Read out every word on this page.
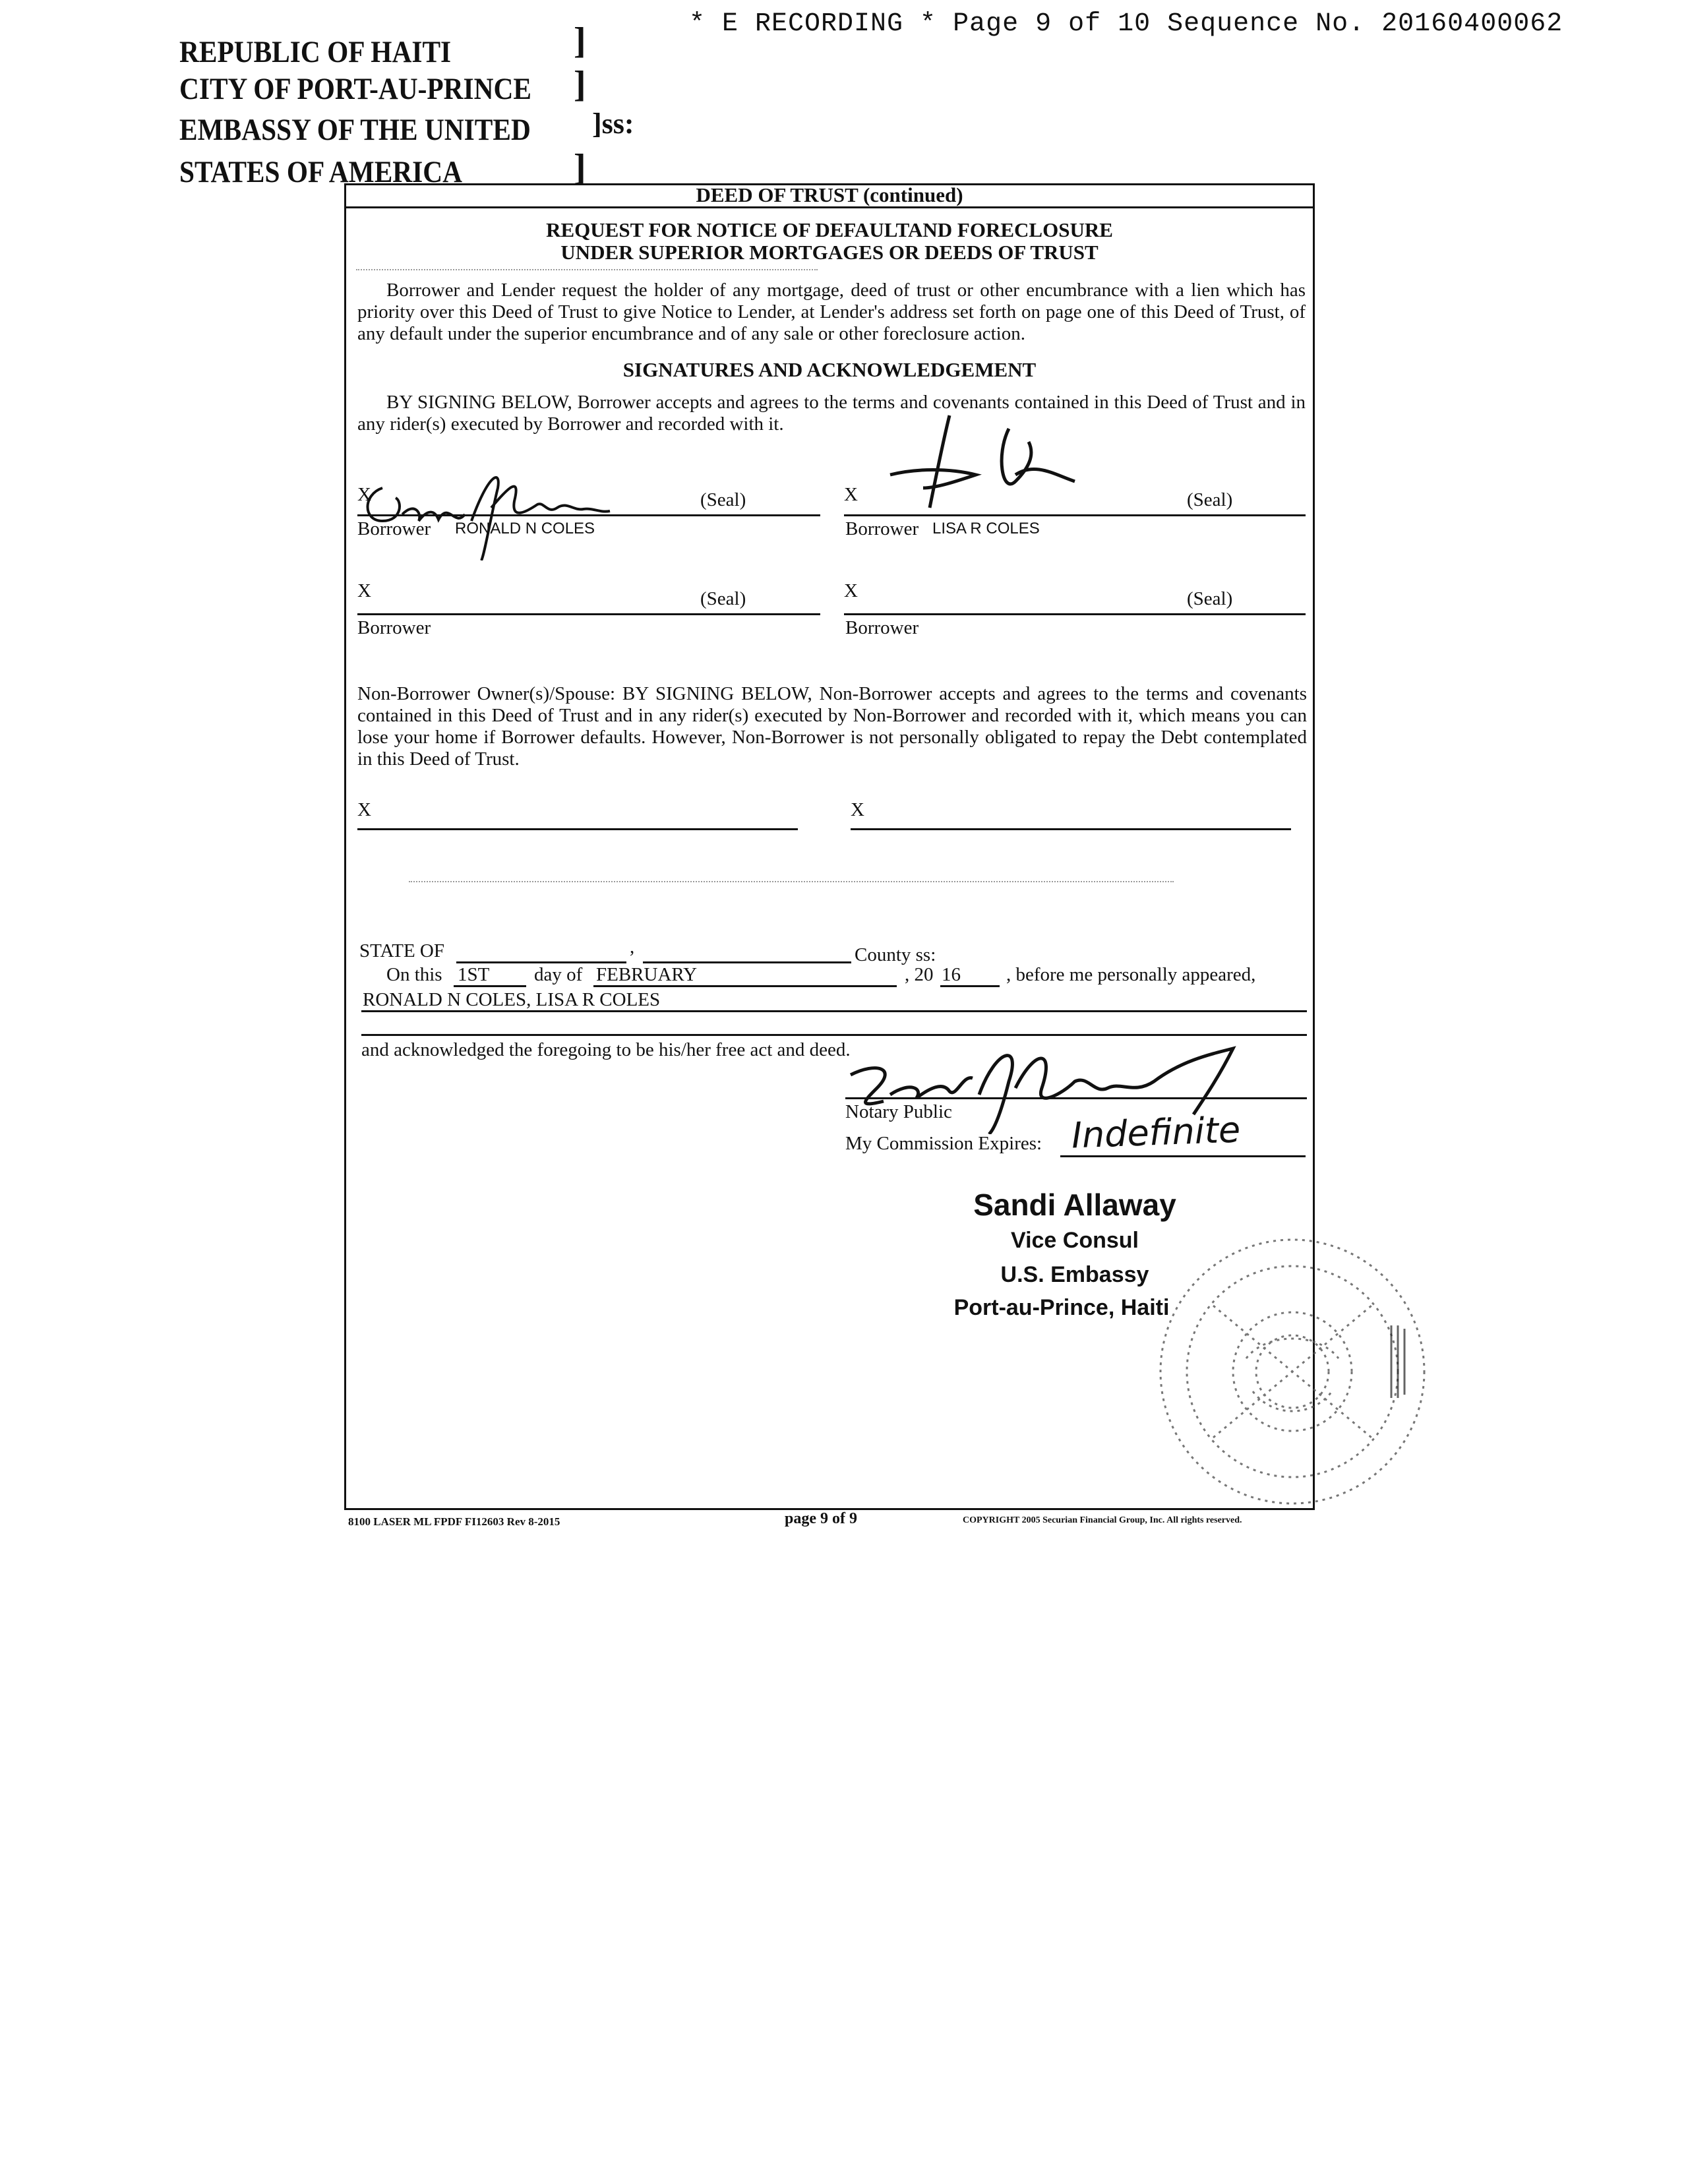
* E RECORDING * Page 9 of 10 Sequence No. 20160400062
REPUBLIC OF HAITI
CITY OF PORT-AU-PRINCE
EMBASSY OF THE UNITED
STATES OF AMERICA
]
]
]ss:
]
DEED OF TRUST (continued)
REQUEST FOR NOTICE OF DEFAULTAND FORECLOSURE
UNDER SUPERIOR MORTGAGES OR DEEDS OF TRUST
Borrower and Lender request the holder of any mortgage, deed of trust or other encumbrance with a lien which has priority over this Deed of Trust to give Notice to Lender, at Lender's address set forth on page one of this Deed of Trust, of any default under the superior encumbrance and of any sale or other foreclosure action.
SIGNATURES AND ACKNOWLEDGEMENT
BY SIGNING BELOW, Borrower accepts and agrees to the terms and covenants contained in this Deed of Trust and in any rider(s) executed by Borrower and recorded with it.
X	(Seal)
Borrower RONALD N COLES
X	(Seal)
Borrower LISA R COLES
X	(Seal)
Borrower
X	(Seal)
Borrower
Non-Borrower Owner(s)/Spouse: BY SIGNING BELOW, Non-Borrower accepts and agrees to the terms and covenants contained in this Deed of Trust and in any rider(s) executed by Non-Borrower and recorded with it, which means you can lose your home if Borrower defaults. However, Non-Borrower is not personally obligated to repay the Debt contemplated in this Deed of Trust.
X	X
STATE OF	,	County ss:
On this 1ST day of FEBRUARY	, 20 16 , before me personally appeared,
RONALD N COLES, LISA R COLES
and acknowledged the foregoing to be his/her free act and deed.
Notary Public
My Commission Expires: Indefinite
Sandi Allaway
Vice Consul
U.S. Embassy
Port-au-Prince, Haiti
8100 LASER ML FPDF FI12603 Rev 8-2015	page 9 of 9	COPYRIGHT 2005 Securian Financial Group, Inc. All rights reserved.
